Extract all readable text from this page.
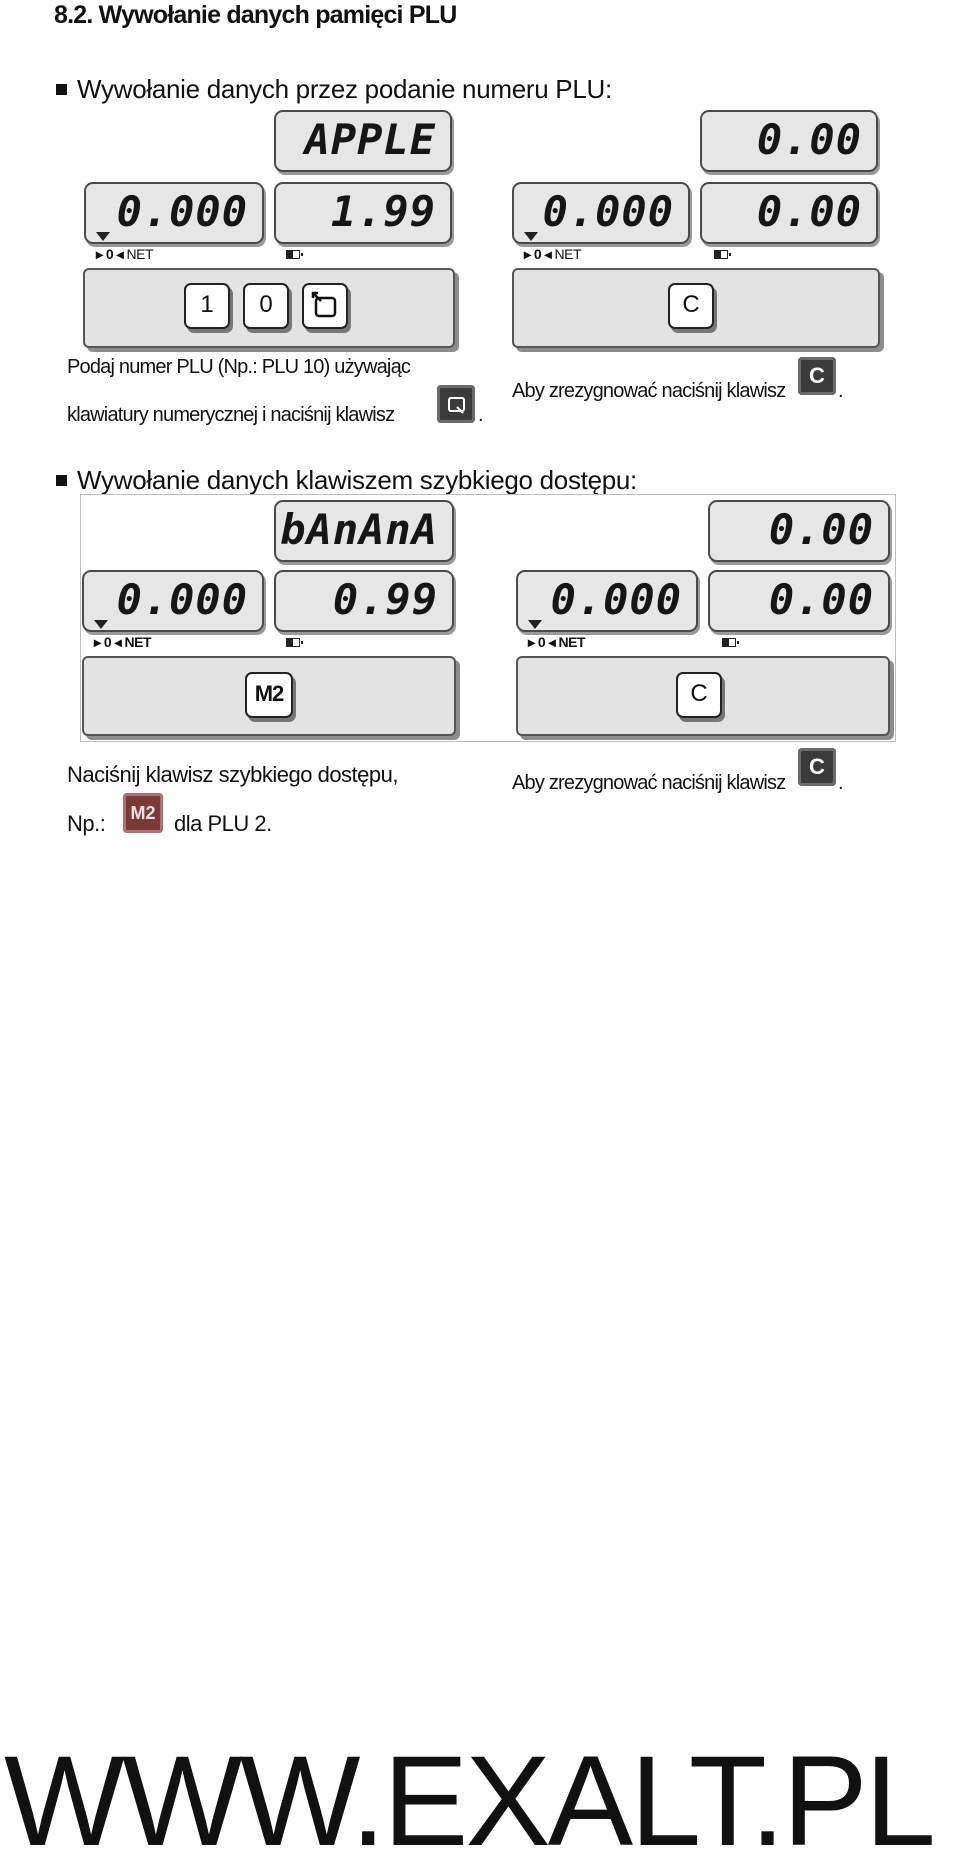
8.2. Wywołanie danych pamięci PLU
Wywołanie danych przez podanie numeru PLU:
APPLE
0.000	1.99
▸ 0 ◂ NET
1	0
Podaj numer PLU (Np.: PLU 10) używając
klawiatury numerycznej i naciśnij klawisz	.
0.00
0.000	0.00
▸ 0 ◂ NET
C
Aby zrezygnować naciśnij klawisz
C
.
Wywołanie danych klawiszem szybkiego dostępu:
bAnAnA
0.000	0.99
▸ 0 ◂ NET
M2
Naciśnij klawisz szybkiego dostępu,
Np.:	M2 dla PLU 2.
0.00
0.000	0.00
▸ 0 ◂ NET
C
Aby zrezygnować naciśnij klawisz
C
.
WWW.EXALT.PL
